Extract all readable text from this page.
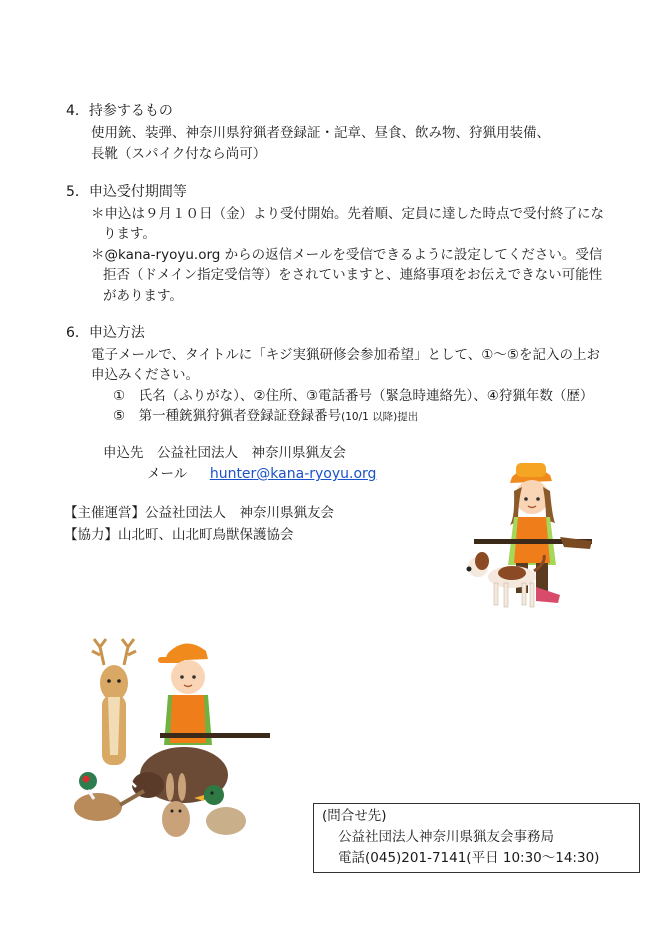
4．持参するもの
使用銃、装弾、神奈川県狩猟者登録証・記章、昼食、飲み物、狩猟用装備、
長靴（スパイク付なら尚可）
5．申込受付期間等
＊申込は９月１０日（金）より受付開始。先着順、定員に達した時点で受付終了にな
ります。
＊@kana-ryoyu.org からの返信メールを受信できるように設定してください。受信
拒否（ドメイン指定受信等）をされていますと、連絡事項をお伝えできない可能性
があります。
6．申込方法
電子メールで、タイトルに「キジ実猟研修会参加希望」として、①～⑤を記入の上お
申込みください。
①　氏名（ふりがな）、②住所、③電話番号（緊急時連絡先）、④狩猟年数（歴）
⑤　第一種銃猟狩猟者登録証登録番号(10/1 以降)提出
申込先　公益社団法人　神奈川県猟友会
メール hunter@kana-ryoyu.org
【主催運営】公益社団法人　神奈川県猟友会
【協力】山北町、山北町鳥獣保護協会
(問合せ先)
公益社団法人神奈川県猟友会事務局
電話(045)201-7141(平日 10:30～14:30)
